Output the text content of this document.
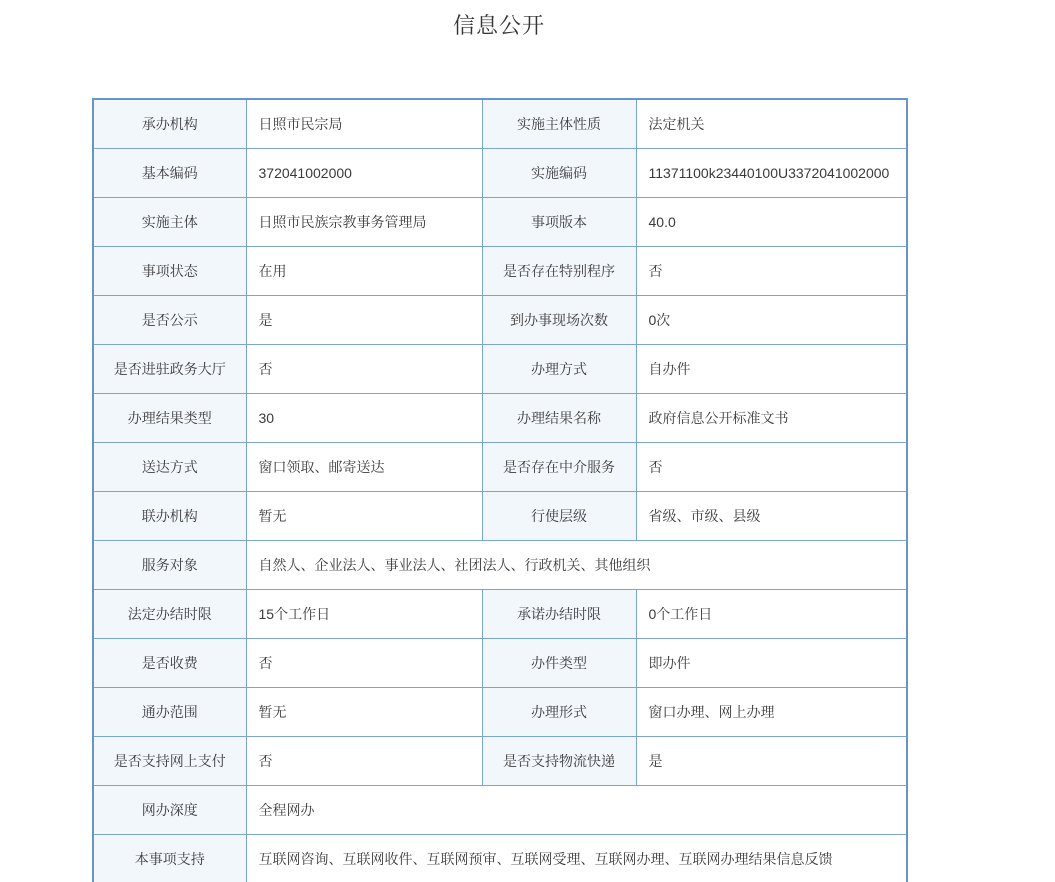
信息公开
承办机构	日照市民宗局	实施主体性质	法定机关
基本编码	372041002000	实施编码	11371100k23440100U3372041002000
实施主体	日照市民族宗教事务管理局	事项版本	40.0
事项状态	在用	是否存在特别程序	否
是否公示	是	到办事现场次数	0次
是否进驻政务大厅	否	办理方式	自办件
办理结果类型	30	办理结果名称	政府信息公开标准文书
送达方式	窗口领取、邮寄送达	是否存在中介服务	否
联办机构	暂无	行使层级	省级、市级、县级
服务对象	自然人、企业法人、事业法人、社团法人、行政机关、其他组织		
法定办结时限	15个工作日	承诺办结时限	0个工作日
是否收费	否	办件类型	即办件
通办范围	暂无	办理形式	窗口办理、网上办理
是否支持网上支付	否	是否支持物流快递	是
网办深度	全程网办		
本事项支持	互联网咨询、互联网收件、互联网预审、互联网受理、互联网办理、互联网办理结果信息反馈		
